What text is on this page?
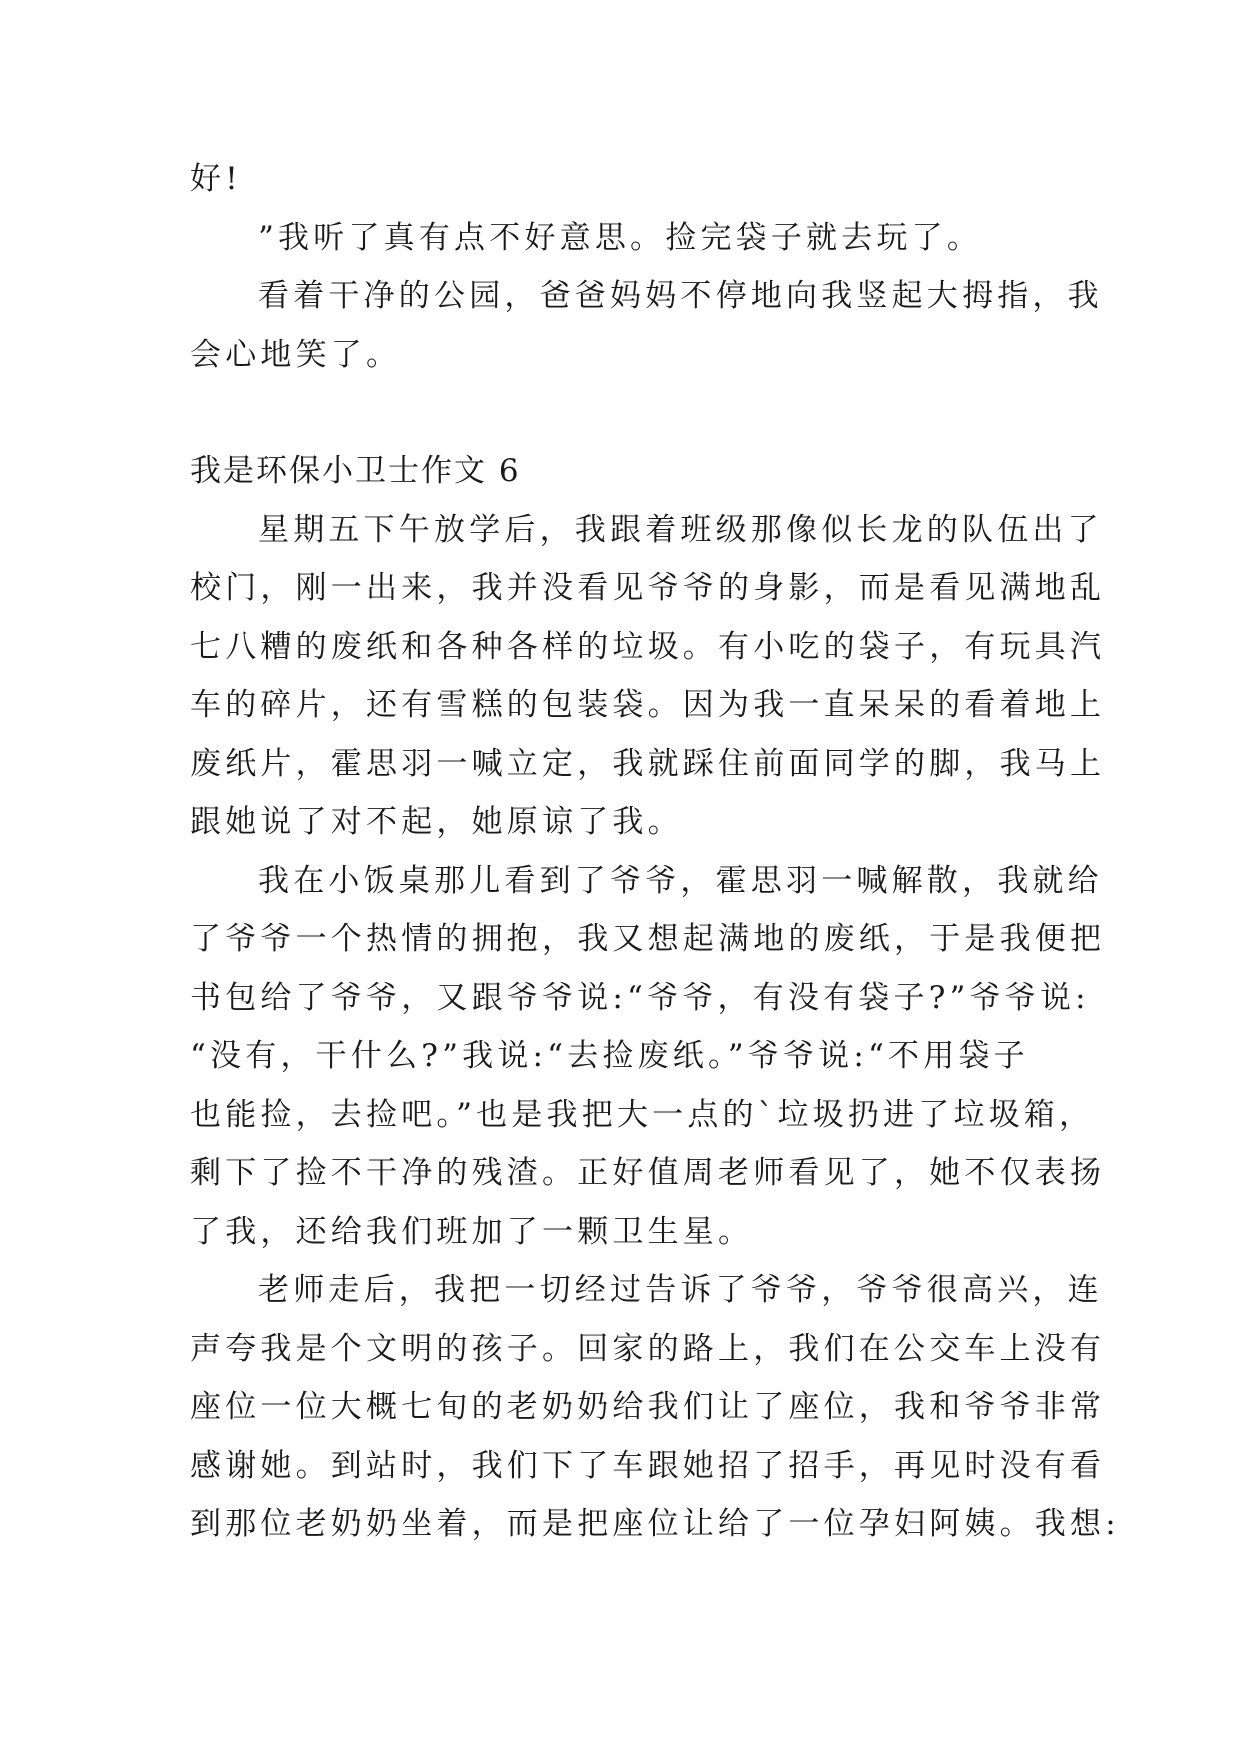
好!

”我听了真有点不好意思。捡完袋子就去玩了。

看着干净的公园，爸爸妈妈不停地向我竖起大拇指，我

会心地笑了。

我是环保小卫士作文 6

星期五下午放学后，我跟着班级那像似长龙的队伍出了

校门，刚一出来，我并没看见爷爷的身影，而是看见满地乱

七八糟的废纸和各种各样的垃圾。有小吃的袋子，有玩具汽

车的碎片，还有雪糕的包装袋。因为我一直呆呆的看着地上

废纸片，霍思羽一喊立定，我就踩住前面同学的脚，我马上

跟她说了对不起，她原谅了我。

我在小饭桌那儿看到了爷爷，霍思羽一喊解散，我就给

了爷爷一个热情的拥抱，我又想起满地的废纸，于是我便把

书包给了爷爷，又跟爷爷说:“爷爷，有没有袋子?”爷爷说:

“没有，干什么?”我说:“去捡废纸。”爷爷说:“不用袋子

也能捡，去捡吧。”也是我把大一点的`垃圾扔进了垃圾箱，

剩下了捡不干净的残渣。正好值周老师看见了，她不仅表扬

了我，还给我们班加了一颗卫生星。

老师走后，我把一切经过告诉了爷爷，爷爷很高兴，连

声夸我是个文明的孩子。回家的路上，我们在公交车上没有

座位一位大概七旬的老奶奶给我们让了座位，我和爷爷非常

感谢她。到站时，我们下了车跟她招了招手，再见时没有看

到那位老奶奶坐着，而是把座位让给了一位孕妇阿姨。我想:
